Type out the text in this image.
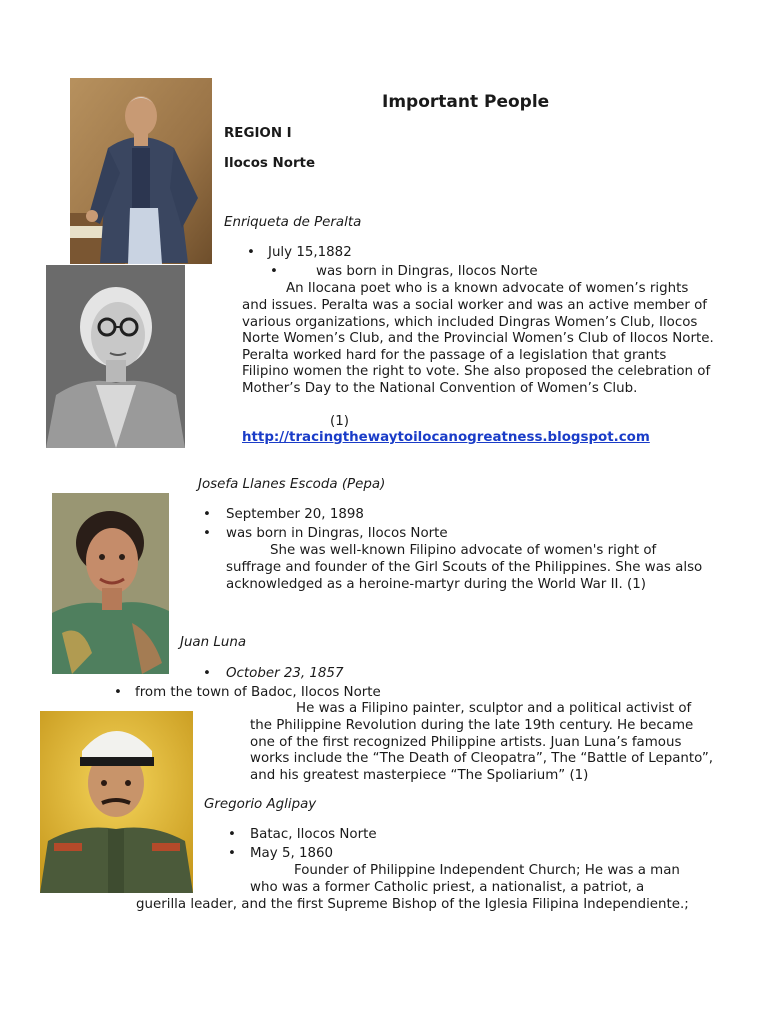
Important People
REGION I
Ilocos Norte
Enriqueta de Peralta
• July 15,1882
•	was born in Dingras, Ilocos Norte
An Ilocana poet who is a known advocate of women’s rights
and issues. Peralta was a social worker and was an active member of various organizations, which included Dingras Women’s Club, Ilocos Norte Women’s Club, and the Provincial Women’s Club of Ilocos Norte. Peralta worked hard for the passage of a legislation that grants Filipino women the right to vote. She also proposed the celebration of Mother’s Day to the National Convention of Women’s Club.
(1)
http://tracingthewaytoilocanogreatness.blogspot.com
Josefa Llanes Escoda (Pepa)
• September 20, 1898
• was born in Dingras, Ilocos Norte
She was well-known Filipino advocate of women's right of
suffrage and founder of the Girl Scouts of the Philippines. She was also acknowledged as a heroine-martyr during the World War II. (1)
Juan Luna
• October 23, 1857
• from the town of Badoc, Ilocos Norte
He was a Filipino painter, sculptor and a political activist of
the Philippine Revolution during the late 19th century. He became one of the first recognized Philippine artists. Juan Luna’s famous works include the “The Death of Cleopatra”, The “Battle of Lepanto”, and his greatest masterpiece “The Spoliarium” (1)
Gregorio Aglipay
• Batac, Ilocos Norte
• May 5, 1860
Founder of Philippine Independent Church; He was a man
who was a former Catholic priest, a nationalist, a patriot, a
guerilla leader, and the first Supreme Bishop of the Iglesia Filipina Independiente.;
